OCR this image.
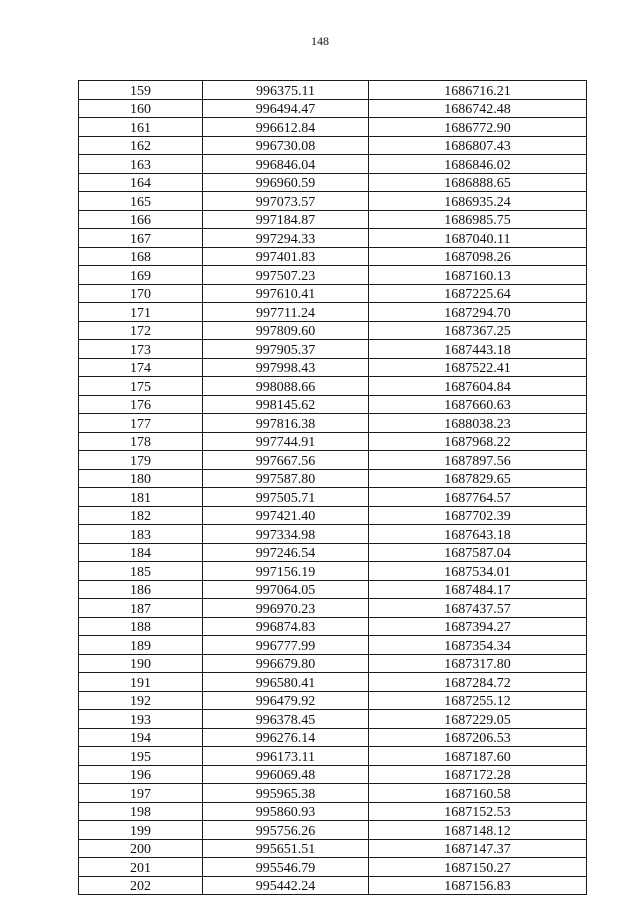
148
159	996375.11	1686716.21
160	996494.47	1686742.48
161	996612.84	1686772.90
162	996730.08	1686807.43
163	996846.04	1686846.02
164	996960.59	1686888.65
165	997073.57	1686935.24
166	997184.87	1686985.75
167	997294.33	1687040.11
168	997401.83	1687098.26
169	997507.23	1687160.13
170	997610.41	1687225.64
171	997711.24	1687294.70
172	997809.60	1687367.25
173	997905.37	1687443.18
174	997998.43	1687522.41
175	998088.66	1687604.84
176	998145.62	1687660.63
177	997816.38	1688038.23
178	997744.91	1687968.22
179	997667.56	1687897.56
180	997587.80	1687829.65
181	997505.71	1687764.57
182	997421.40	1687702.39
183	997334.98	1687643.18
184	997246.54	1687587.04
185	997156.19	1687534.01
186	997064.05	1687484.17
187	996970.23	1687437.57
188	996874.83	1687394.27
189	996777.99	1687354.34
190	996679.80	1687317.80
191	996580.41	1687284.72
192	996479.92	1687255.12
193	996378.45	1687229.05
194	996276.14	1687206.53
195	996173.11	1687187.60
196	996069.48	1687172.28
197	995965.38	1687160.58
198	995860.93	1687152.53
199	995756.26	1687148.12
200	995651.51	1687147.37
201	995546.79	1687150.27
202	995442.24	1687156.83
